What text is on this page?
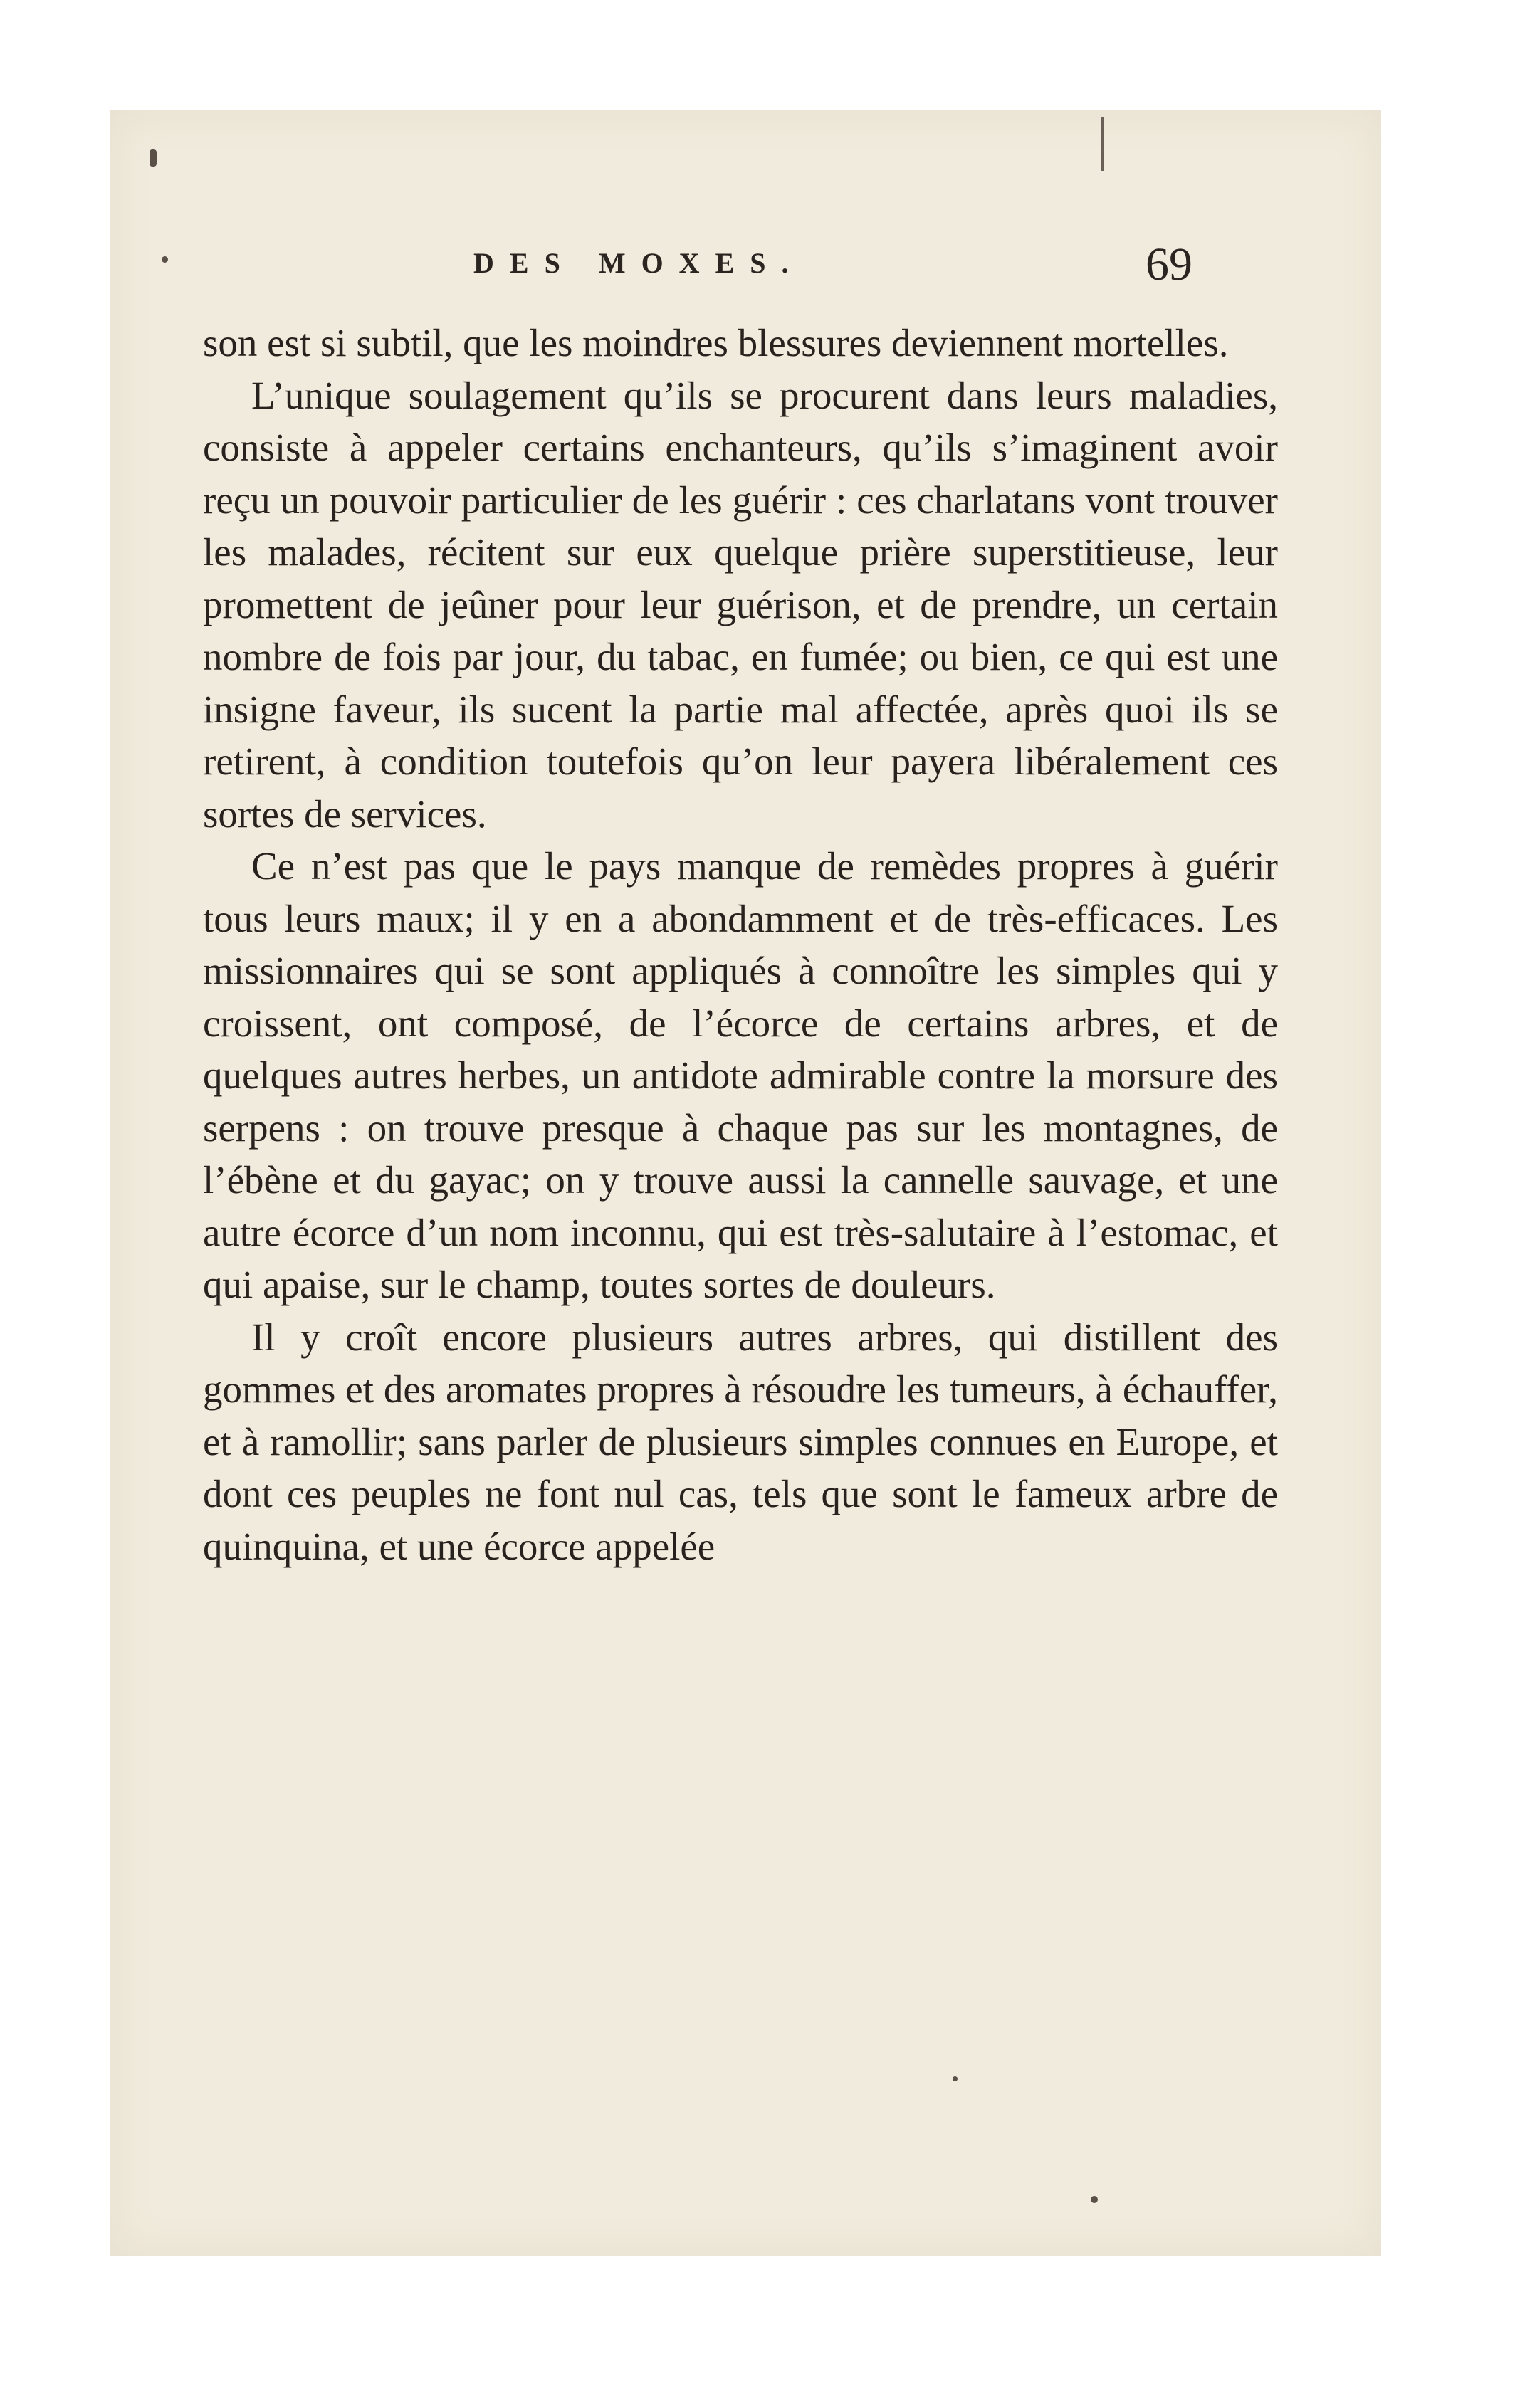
DES MOXES.	69

son est si subtil, que les moindres blessures deviennent mortelles.

L’unique soulagement qu’ils se procurent dans leurs maladies, consiste à appeler certains enchanteurs, qu’ils s’imaginent avoir reçu un pouvoir particulier de les guérir : ces charlatans vont trouver les malades, récitent sur eux quelque prière superstitieuse, leur promettent de jeûner pour leur guérison, et de prendre, un certain nombre de fois par jour, du tabac, en fumée; ou bien, ce qui est une insigne faveur, ils sucent la partie mal affectée, après quoi ils se retirent, à condition toutefois qu’on leur payera libéralement ces sortes de services.

Ce n’est pas que le pays manque de remèdes propres à guérir tous leurs maux; il y en a abondamment et de très-efficaces. Les missionnaires qui se sont appliqués à connoître les simples qui y croissent, ont composé, de l’écorce de certains arbres, et de quelques autres herbes, un antidote admirable contre la morsure des serpens : on trouve presque à chaque pas sur les montagnes, de l’ébène et du gayac; on y trouve aussi la cannelle sauvage, et une autre écorce d’un nom inconnu, qui est très-salutaire à l’estomac, et qui apaise, sur le champ, toutes sortes de douleurs.

Il y croît encore plusieurs autres arbres, qui distillent des gommes et des aromates propres à résoudre les tumeurs, à échauffer, et à ramollir; sans parler de plusieurs simples connues en Europe, et dont ces peuples ne font nul cas, tels que sont le fameux arbre de quinquina, et une écorce appelée
